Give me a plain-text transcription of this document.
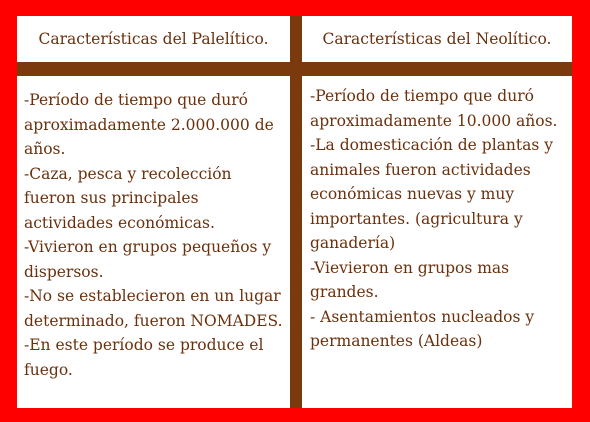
Características del Palelítico.	Características del Neolítico.

-Período de tiempo que duró aproximadamente 2.000.000 de años.

-Caza, pesca y recolección fueron sus principales actividades económicas.

-Vivieron en grupos pequeños y dispersos.

-No se establecieron en un lugar determinado, fueron NOMADES.

-En este período se produce el fuego.

-Período de tiempo que duró aproximadamente 10.000 años.

-La domesticación de plantas y animales fueron actividades económicas nuevas y muy importantes. (agricultura y ganadería)

-Vievieron en grupos mas grandes.

- Asentamientos nucleados y permanentes (Aldeas)
